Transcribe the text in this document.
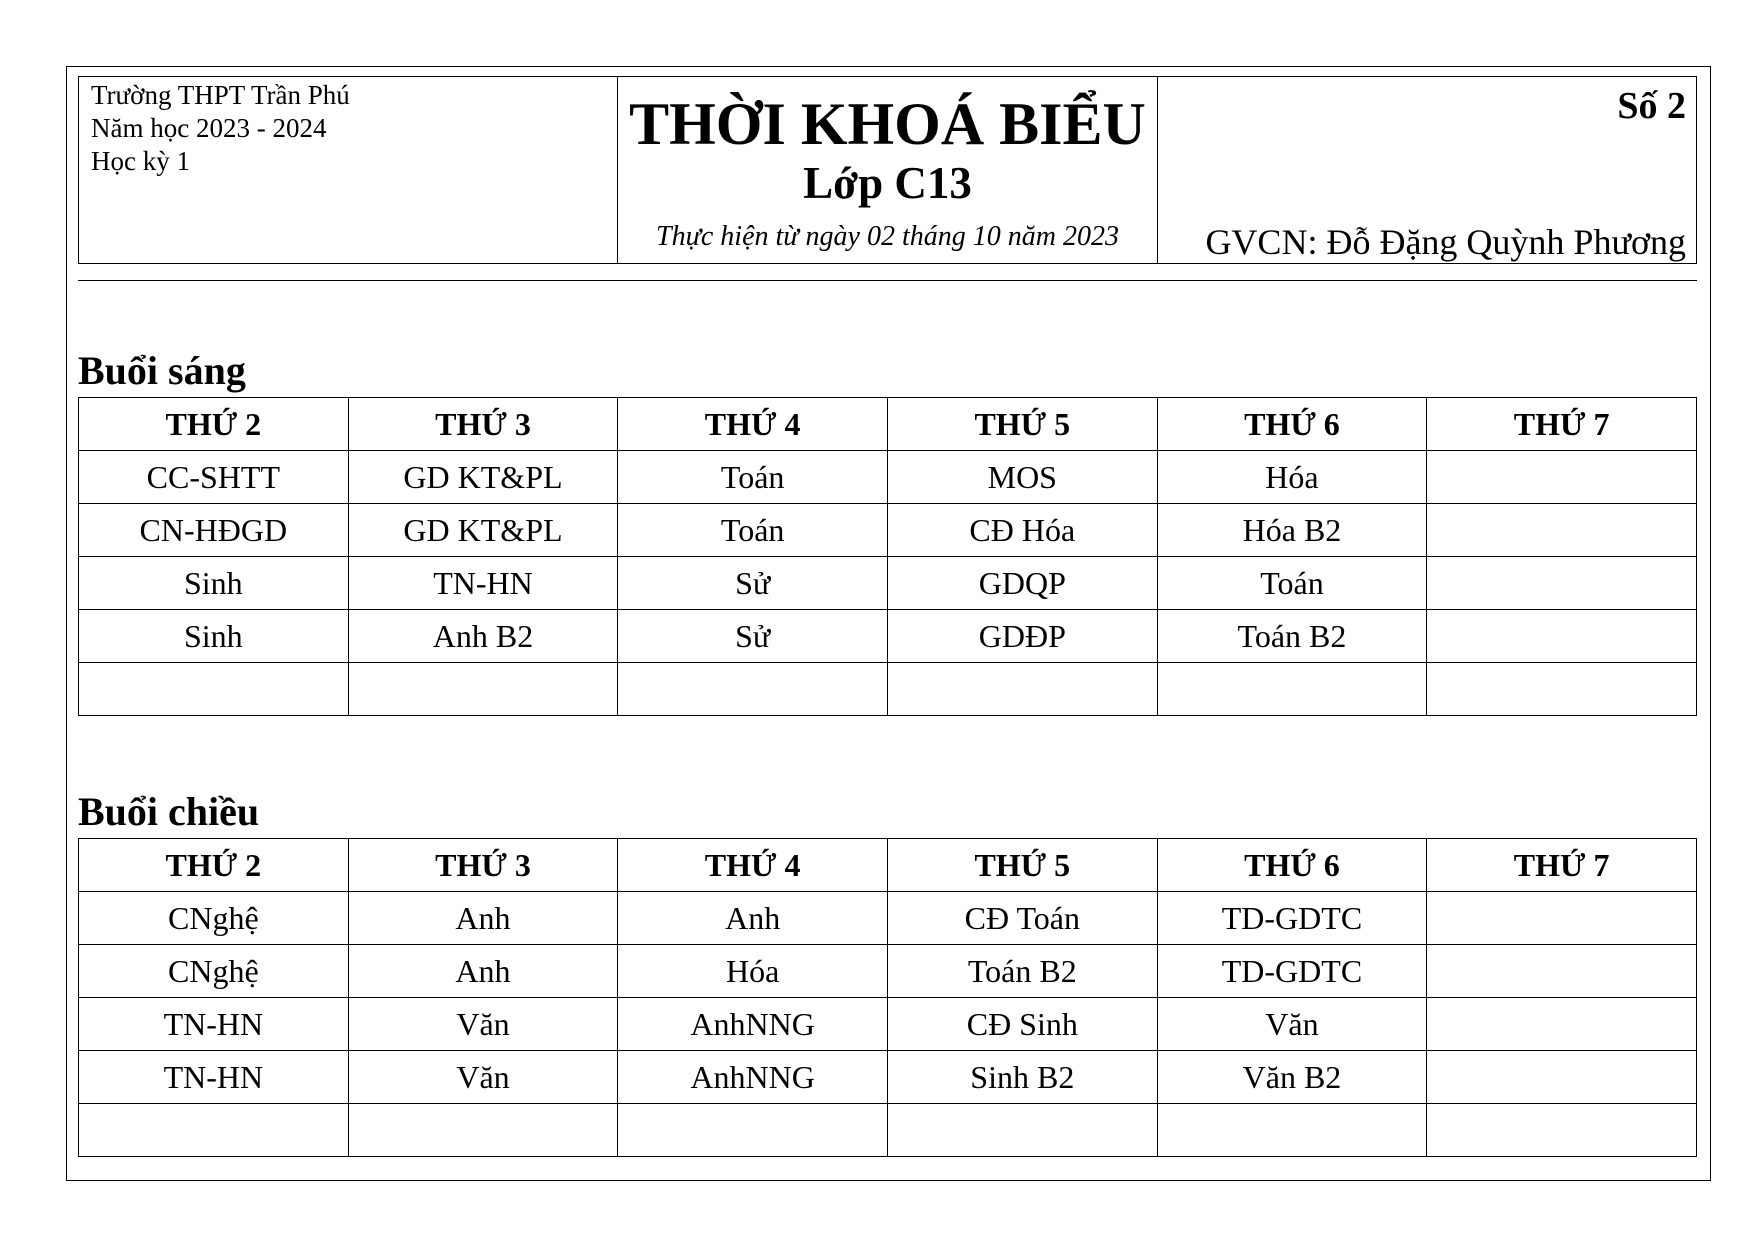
Trường THPT Trần Phú
Năm học 2023 - 2024
Học kỳ 1
THỜI KHOÁ BIỂU
Lớp C13
Thực hiện từ ngày 02 tháng 10 năm 2023
Số 2
GVCN: Đỗ Đặng Quỳnh Phương
Buổi sáng
THỨ 2	THỨ 3	THỨ 4	THỨ 5	THỨ 6	THỨ 7
CC-SHTT	GD KT&PL	Toán	MOS	Hóa	
CN-HĐGD	GD KT&PL	Toán	CĐ Hóa	Hóa B2	
Sinh	TN-HN	Sử	GDQP	Toán	
Sinh	Anh B2	Sử	GDĐP	Toán B2	

Buổi chiều
THỨ 2	THỨ 3	THỨ 4	THỨ 5	THỨ 6	THỨ 7
CNghệ	Anh	Anh	CĐ Toán	TD-GDTC	
CNghệ	Anh	Hóa	Toán B2	TD-GDTC	
TN-HN	Văn	AnhNNG	CĐ Sinh	Văn	
TN-HN	Văn	AnhNNG	Sinh B2	Văn B2	
